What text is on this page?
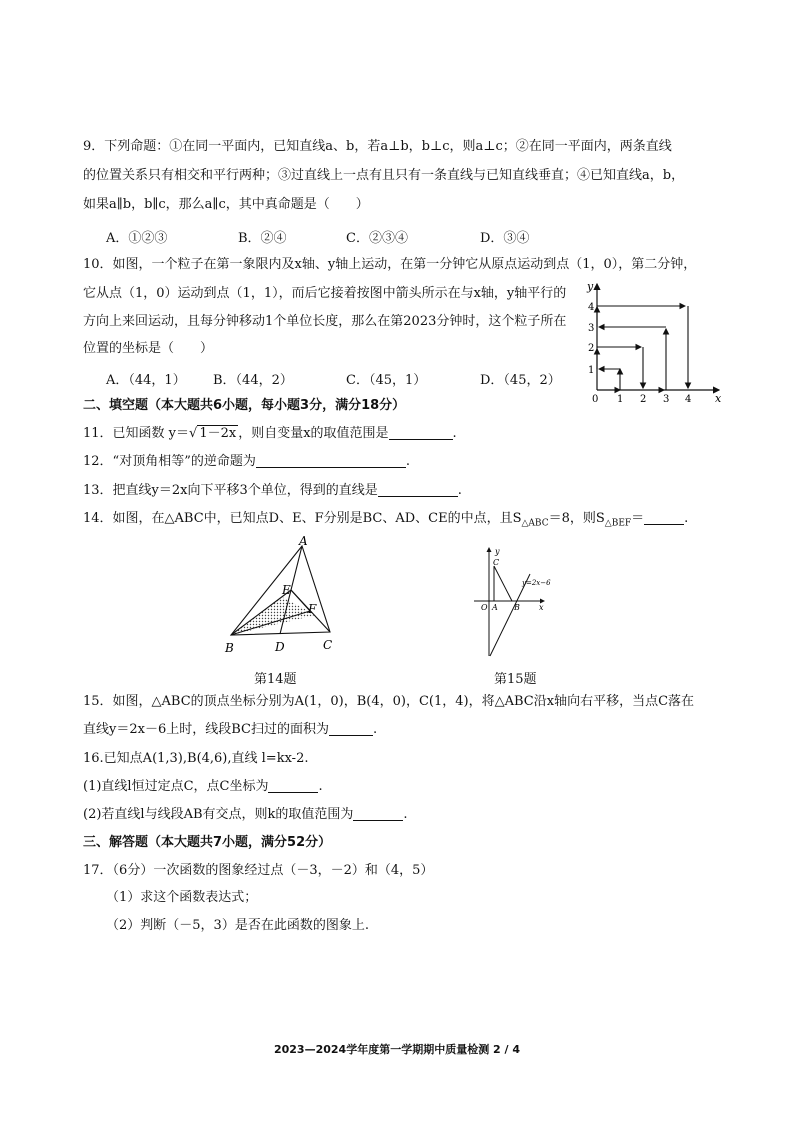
9．下列命题：①在同一平面内，已知直线a、b，若a⊥b，b⊥c，则a⊥c；②在同一平面内，两条直线
的位置关系只有相交和平行两种；③过直线上一点有且只有一条直线与已知直线垂直；④已知直线a，b，
如果a∥b，b∥c，那么a∥c，其中真命题是（　　）
A．①②③	B．②④	C．②③④	D．③④
10．如图，一个粒子在第一象限内及x轴、y轴上运动，在第一分钟它从原点运动到点（1，0），第二分钟，
它从点（1，0）运动到点（1，1），而后它接着按图中箭头所示在与x轴，y轴平行的
方向上来回运动，且每分钟移动1个单位长度，那么在第2023分钟时，这个粒子所在
位置的坐标是（　　）
A．（44，1） B．（44，2）	C．（45，1）	D．（45，2）
y
x
0 1 2 3 4
1
2
3
4
二、填空题（本大题共6小题，每小题3分，满分18分）
11．已知函数 y＝√ 1－2x ，则自变量x的取值范围是	.
12．“对顶角相等”的逆命题为	.
13．把直线y＝2x向下平移3个单位，得到的直线是	.
14．如图，在△ABC中，已知点D、E、F分别是BC、AD、CE的中点，且$S_{\triangle ABC}=8$，则$S_{\triangle BEF}=$	.
A
B	C
D
E
F
第14题
y
x
O A B
C
y=2x−6
第15题
15．如图，△ABC的顶点坐标分别为A(1，0)，B(4，0)，C(1，4)，将△ABC沿x轴向右平移，当点C落在
直线y＝2x－6上时，线段BC扫过的面积为	.
16.已知点A(1,3),B(4,6),直线 l=kx-2.
(1)直线l恒过定点C，点C坐标为	.
(2)若直线l与线段AB有交点，则k的取值范围为	.
三、解答题（本大题共7小题，满分52分）
17．（6分）一次函数的图象经过点（－3，－2）和（4，5）
（1）求这个函数表达式；
（2）判断（－5，3）是否在此函数的图象上.
2023—2024学年度第一学期期中质量检测 2 / 4
